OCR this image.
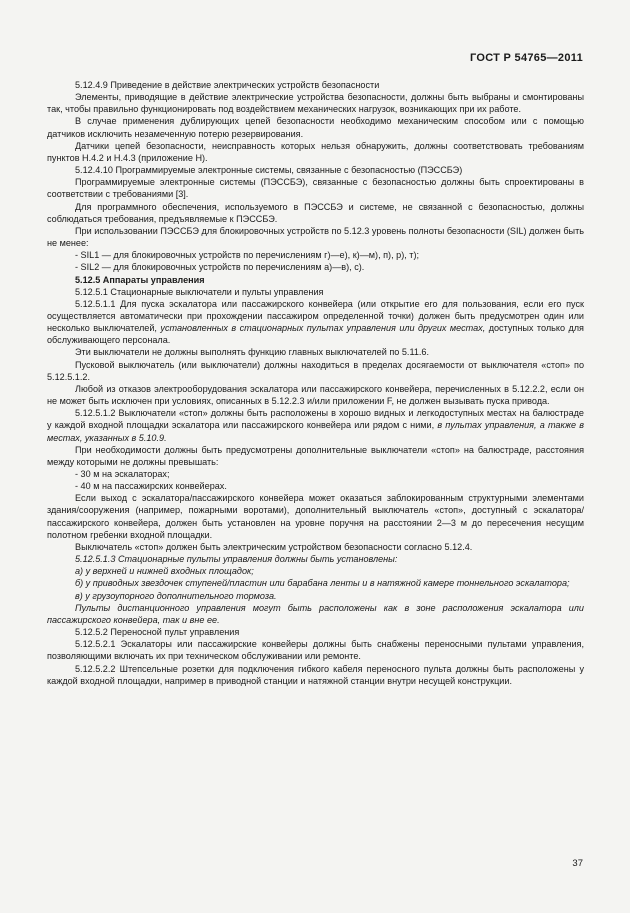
ГОСТ Р 54765—2011

5.12.4.9 Приведение в действие электрических устройств безопасности

Элементы, приводящие в действие электрические устройства безопасности, должны быть выбраны и смонтированы так, чтобы правильно функционировать под воздействием механических нагрузок, возникающих при их работе.

В случае применения дублирующих цепей безопасности необходимо механическим способом или с помощью датчиков исключить незамеченную потерю резервирования.

Датчики цепей безопасности, неисправность которых нельзя обнаружить, должны соответствовать требованиям пунктов Н.4.2 и Н.4.3 (приложение Н).

5.12.4.10 Программируемые электронные системы, связанные с безопасностью (ПЭССБЭ)

Программируемые электронные системы (ПЭССБЭ), связанные с безопасностью должны быть спроектированы в соответствии с требованиями [3].

Для программного обеспечения, используемого в ПЭССБЭ и системе, не связанной с безопасностью, должны соблюдаться требования, предъявляемые к ПЭССБЭ.

При использовании ПЭССБЭ для блокировочных устройств по 5.12.3 уровень полноты безопасности (SIL) должен быть не менее:

- SIL1 — для блокировочных устройств по перечислениям г)—е), к)—м), п), р), т);

- SIL2 — для блокировочных устройств по перечислениям а)—в), с).

5.12.5 Аппараты управления

5.12.5.1 Стационарные выключатели и пульты управления

5.12.5.1.1 Для пуска эскалатора или пассажирского конвейера (или открытие его для пользования, если его пуск осуществляется автоматически при прохождении пассажиром определенной точки) должен быть предусмотрен один или несколько выключателей, установленных в стационарных пультах управления или других местах, доступных только для обслуживающего персонала.

Эти выключатели не должны выполнять функцию главных выключателей по 5.11.6.

Пусковой выключатель (или выключатели) должны находиться в пределах досягаемости от выключателя «стоп» по 5.12.5.1.2.

Любой из отказов электрооборудования эскалатора или пассажирского конвейера, перечисленных в 5.12.2.2, если он не может быть исключен при условиях, описанных в 5.12.2.3 и/или приложении F, не должен вызывать пуска привода.

5.12.5.1.2 Выключатели «стоп» должны быть расположены в хорошо видных и легкодоступных местах на балюстраде у каждой входной площадки эскалатора или пассажирского конвейера или рядом с ними, в пультах управления, а также в местах, указанных в 5.10.9.

При необходимости должны быть предусмотрены дополнительные выключатели «стоп» на балюстраде, расстояния между которыми не должны превышать:

- 30 м на эскалаторах;

- 40 м на пассажирских конвейерах.

Если выход с эскалатора/пассажирского конвейера может оказаться заблокированным структурными элементами здания/сооружения (например, пожарными воротами), дополнительный выключатель «стоп», доступный с эскалатора/пассажирского конвейера, должен быть установлен на уровне поручня на расстоянии 2—3 м до пересечения несущим полотном гребенки входной площадки.

Выключатель «стоп» должен быть электрическим устройством безопасности согласно 5.12.4.

5.12.5.1.3 Стационарные пульты управления должны быть установлены:

а) у верхней и нижней входных площадок;

б) у приводных звездочек ступеней/пластин или барабана ленты и в натяжной камере тоннельного эскалатора;

в) у грузоупорного дополнительного тормоза.

Пульты дистанционного управления могут быть расположены как в зоне расположения эскалатора или пассажирского конвейера, так и вне ее.

5.12.5.2 Переносной пульт управления

5.12.5.2.1 Эскалаторы или пассажирские конвейеры должны быть снабжены переносными пультами управления, позволяющими включать их при техническом обслуживании или ремонте.

5.12.5.2.2 Штепсельные розетки для подключения гибкого кабеля переносного пульта должны быть расположены у каждой входной площадки, например в приводной станции и натяжной станции внутри несущей конструкции.

37
